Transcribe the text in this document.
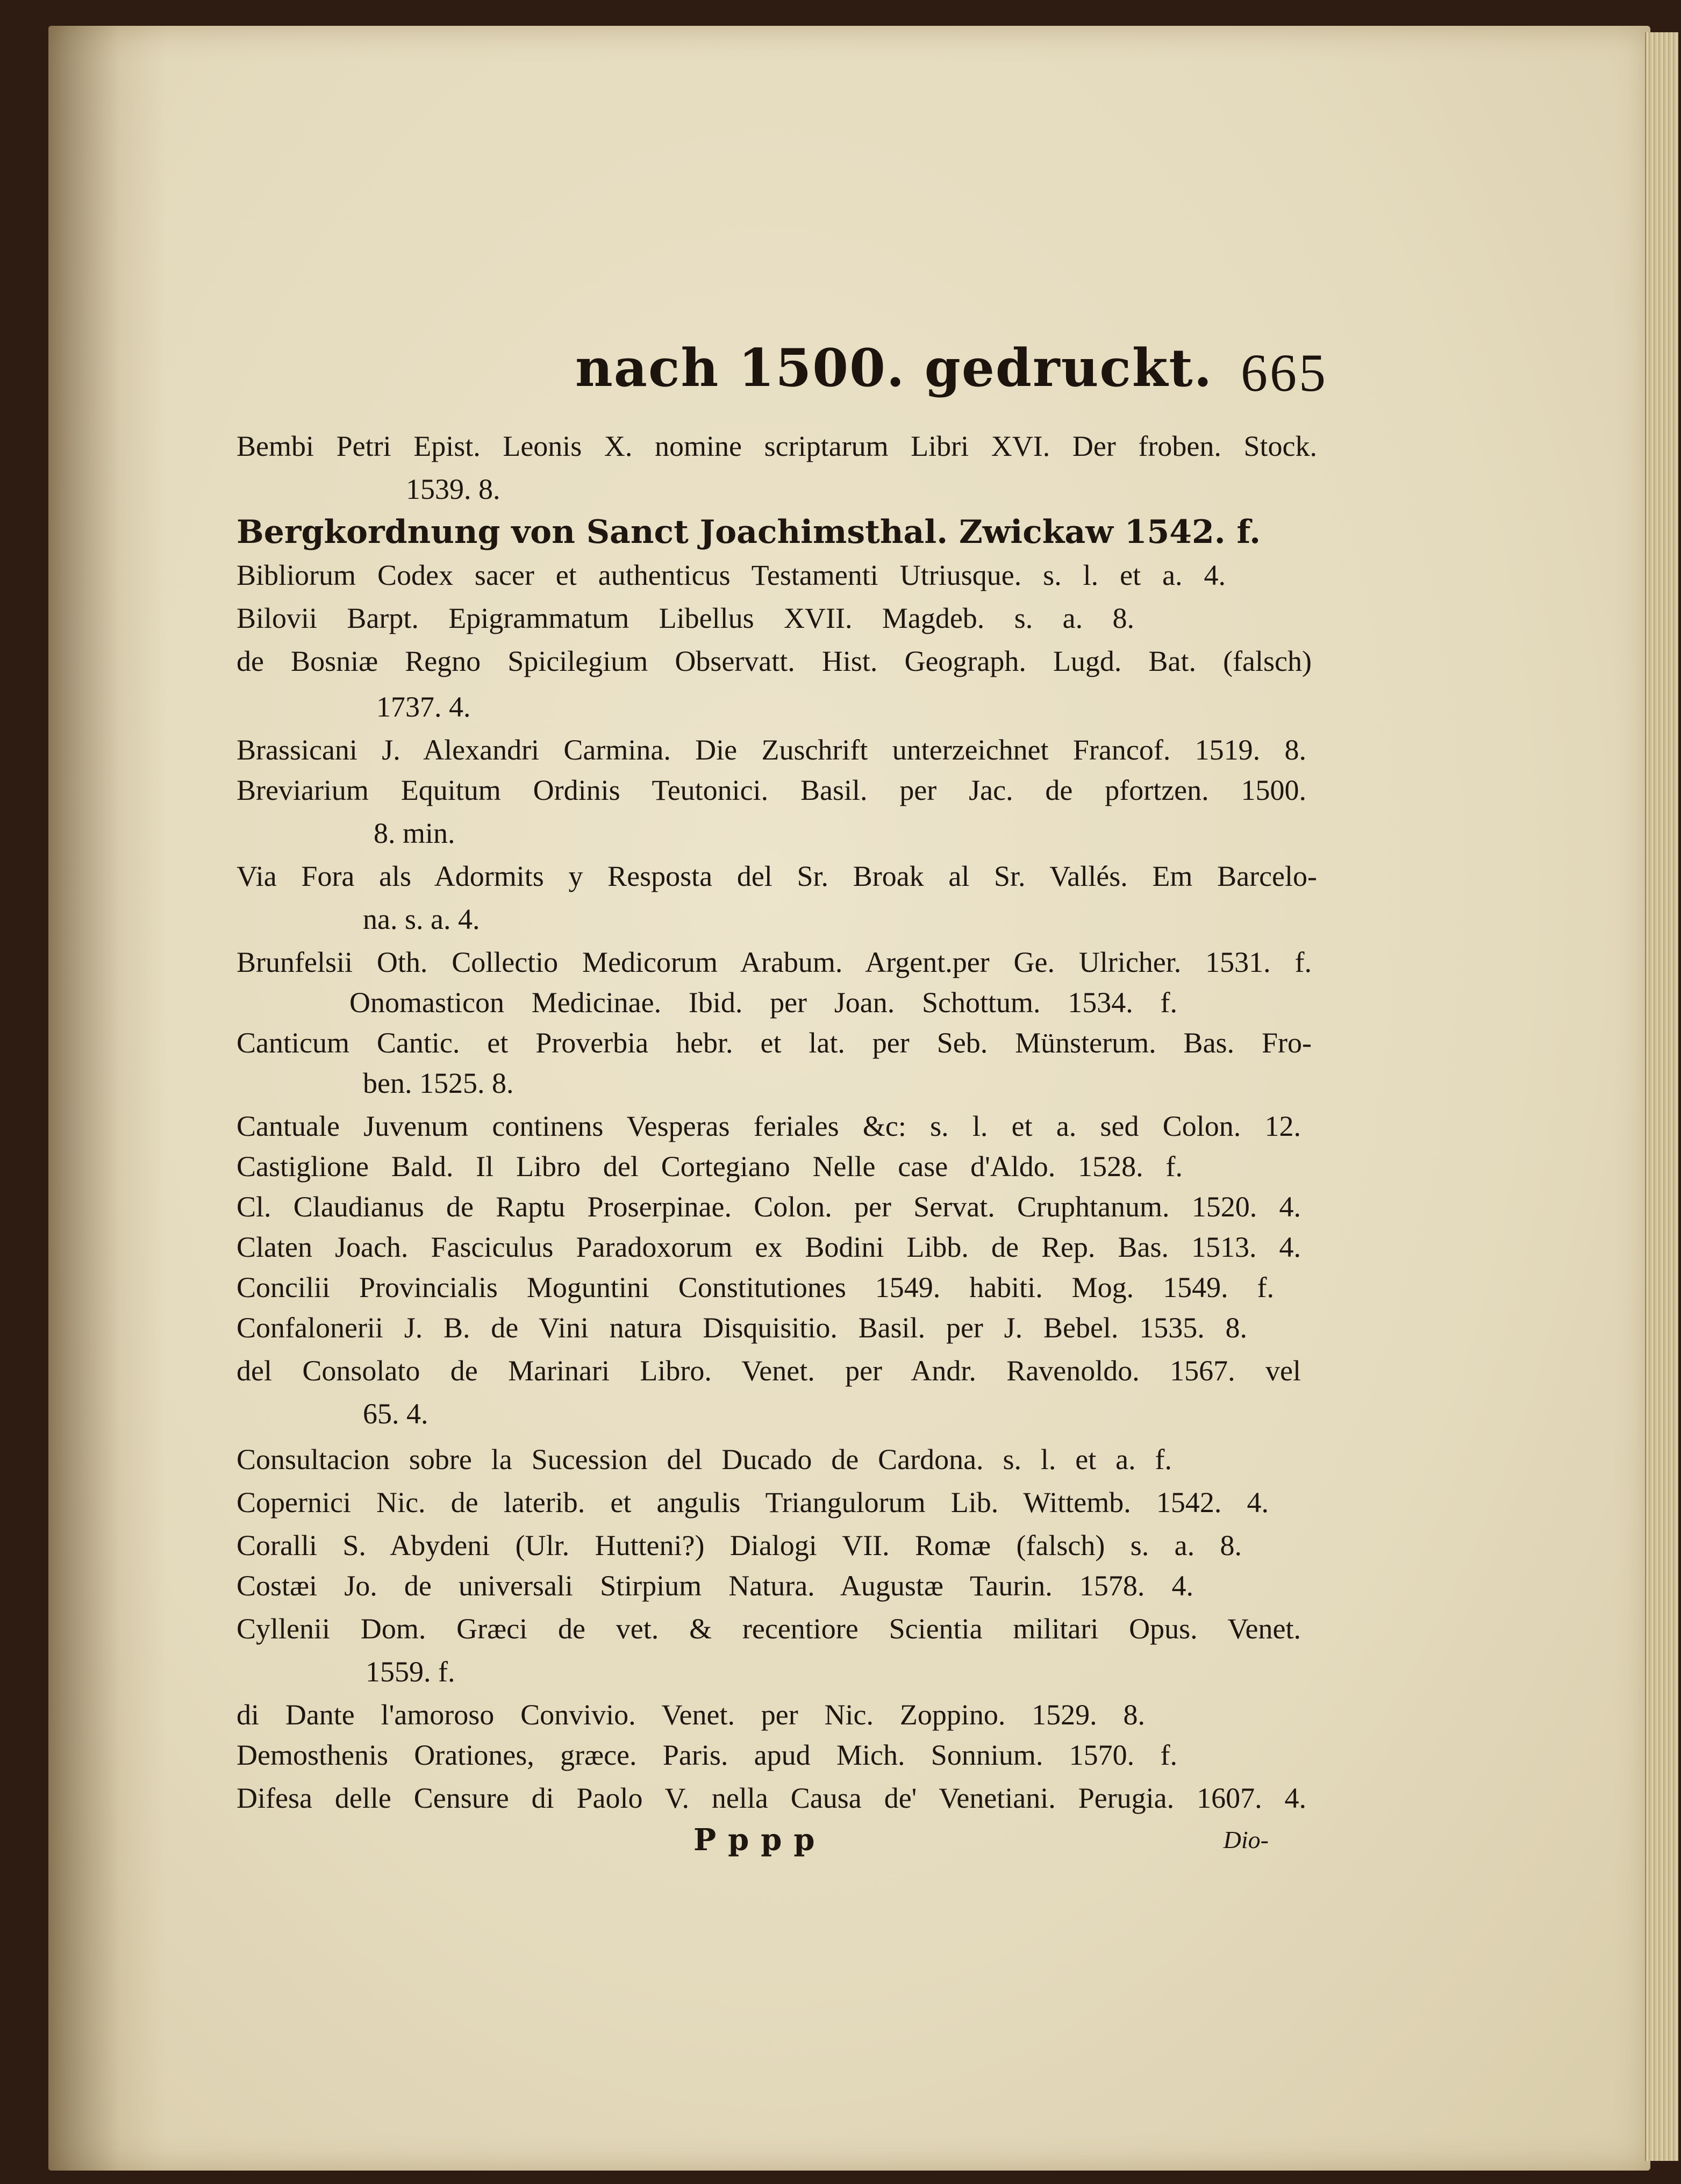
nach 1500. gedruckt. 665
Bembi Petri Epist. Leonis X. nomine scriptarum Libri XVI. Der froben. Stock.
1539. 8.
Bergkordnung von Sanct Joachimsthal. Zwickaw 1542. f.
Bibliorum Codex sacer et authenticus Testamenti Utriusque. s. l. et a. 4.
Bilovii Barpt. Epigrammatum Libellus XVII. Magdeb. s. a. 8.
de Bosniæ Regno Spicilegium Observatt. Hist. Geograph. Lugd. Bat. (falsch)
1737. 4.
Brassicani J. Alexandri Carmina. Die Zuschrift unterzeichnet Francof. 1519. 8.
Breviarium Equitum Ordinis Teutonici. Basil. per Jac. de pfortzen. 1500.
8. min.
Via Fora als Adormits y Resposta del Sr. Broak al Sr. Vallés. Em Barcelo-
na. s. a. 4.
Brunfelsii Oth. Collectio Medicorum Arabum. Argent.per Ge. Ulricher. 1531. f.
Onomasticon Medicinae. Ibid. per Joan. Schottum. 1534. f.
Canticum Cantic. et Proverbia hebr. et lat. per Seb. Münsterum. Bas. Fro-
ben. 1525. 8.
Cantuale Juvenum continens Vesperas feriales &c: s. l. et a. sed Colon. 12.
Castiglione Bald. Il Libro del Cortegiano Nelle case d'Aldo. 1528. f.
Cl. Claudianus de Raptu Proserpinae. Colon. per Servat. Cruphtanum. 1520. 4.
Claten Joach. Fasciculus Paradoxorum ex Bodini Libb. de Rep. Bas. 1513. 4.
Concilii Provincialis Moguntini Constitutiones 1549. habiti. Mog. 1549. f.
Confalonerii J. B. de Vini natura Disquisitio. Basil. per J. Bebel. 1535. 8.
del Consolato de Marinari Libro. Venet. per Andr. Ravenoldo. 1567. vel
65. 4.
Consultacion sobre la Sucession del Ducado de Cardona. s. l. et a. f.
Copernici Nic. de laterib. et angulis Triangulorum Lib. Wittemb. 1542. 4.
Coralli S. Abydeni (Ulr. Hutteni?) Dialogi VII. Romæ (falsch) s. a. 8.
Costæi Jo. de universali Stirpium Natura. Augustæ Taurin. 1578. 4.
Cyllenii Dom. Græci de vet. & recentiore Scientia militari Opus. Venet.
1559. f.
di Dante l'amoroso Convivio. Venet. per Nic. Zoppino. 1529. 8.
Demosthenis Orationes, græce. Paris. apud Mich. Sonnium. 1570. f.
Difesa delle Censure di Paolo V. nella Causa de' Venetiani. Perugia. 1607. 4.
Pppp	Dio-
